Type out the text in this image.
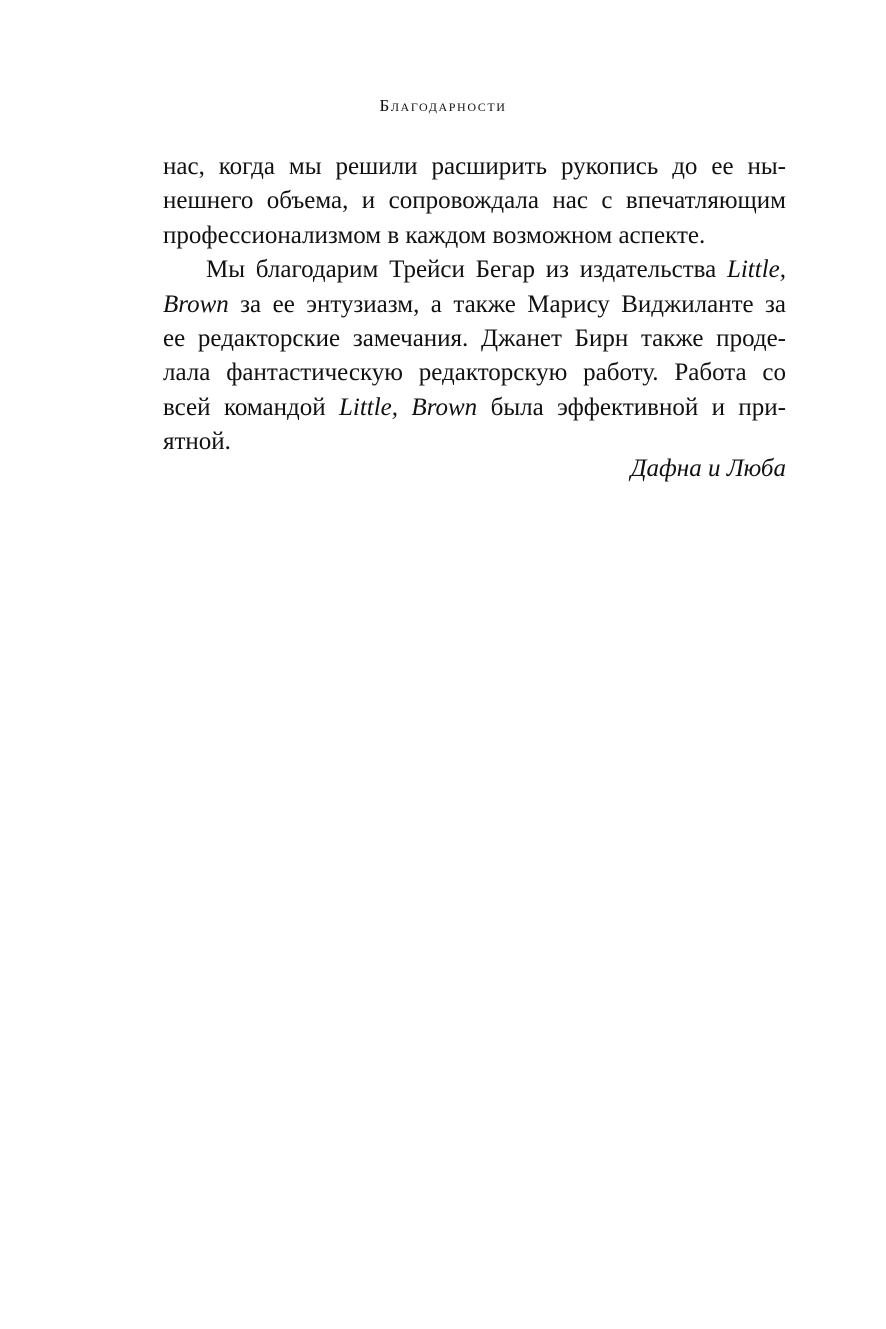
Благодарности
нас, когда мы решили расширить рукопись до ее ны-
нешнего объема, и сопровождала нас с впечатляющим
профессионализмом в каждом возможном аспекте.
Мы благодарим Трейси Бегар из издательства Little,
Brown за ее энтузиазм, а также Марису Виджиланте за
ее редакторские замечания. Джанет Бирн также проде-
лала фантастическую редакторскую работу. Работа со
всей командой Little, Brown была эффективной и при-
ятной.
Дафна и Люба
